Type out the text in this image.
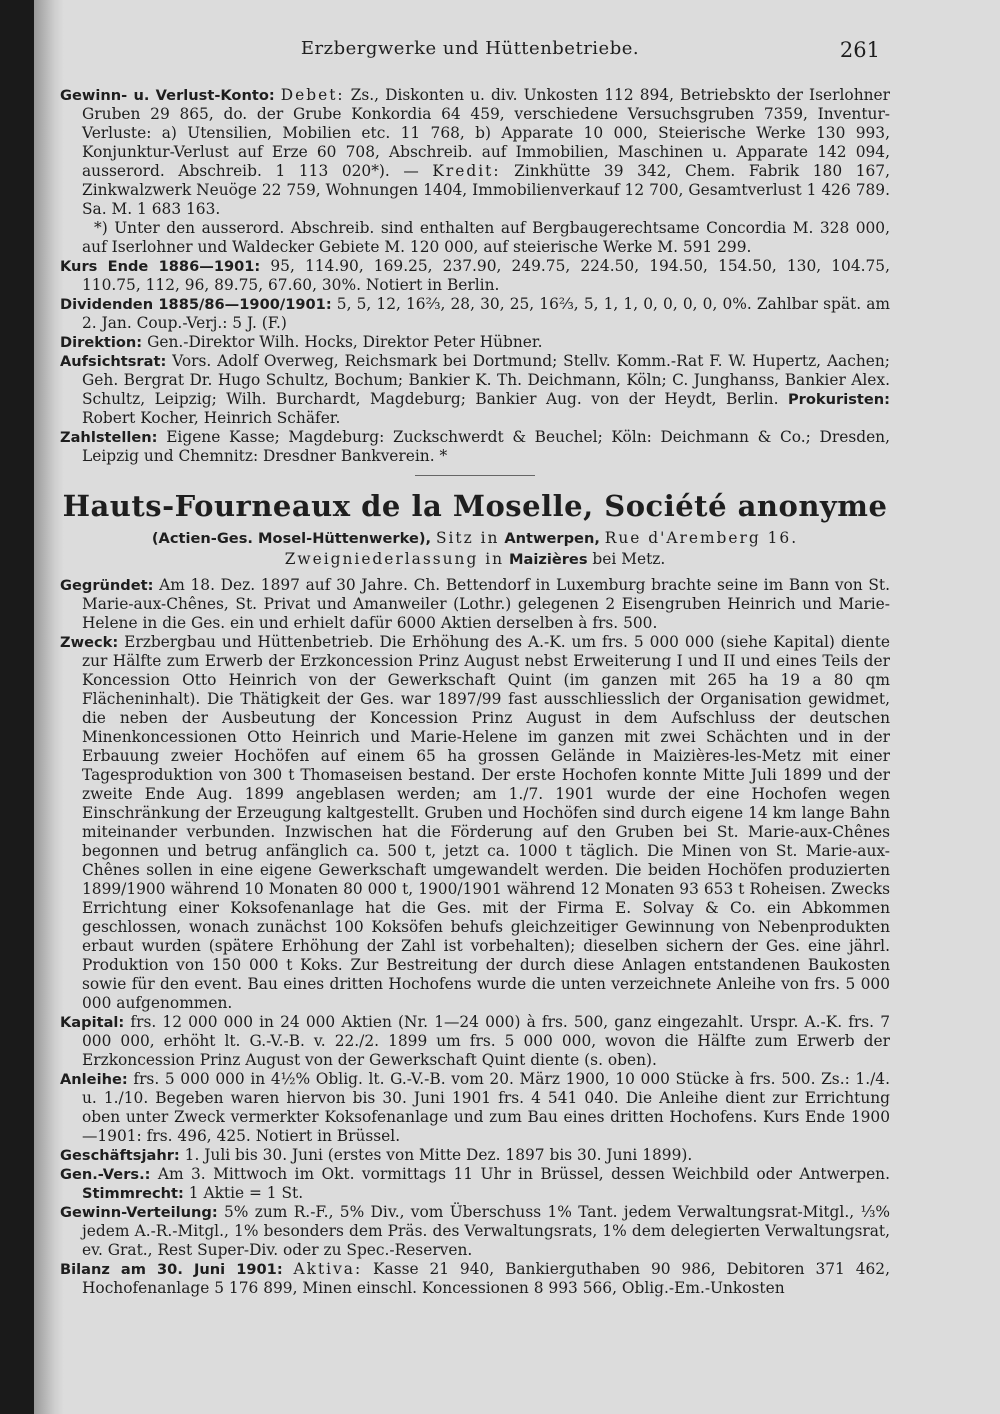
Erzbergwerke und Hüttenbetriebe.	261

Gewinn- u. Verlust-Konto: Debet: Zs., Diskonten u. div. Unkosten 112 894, Betriebskto der Iserlohner Gruben 29 865, do. der Grube Konkordia 64 459, verschiedene Versuchsgruben 7359, Inventur-Verluste: a) Utensilien, Mobilien etc. 11 768, b) Apparate 10 000, Steierische Werke 130 993, Konjunktur-Verlust auf Erze 60 708, Abschreib. auf Immobilien, Maschinen u. Apparate 142 094, ausserord. Abschreib. 1 113 020*). — Kredit: Zinkhütte 39 342, Chem. Fabrik 180 167, Zinkwalzwerk Neuöge 22 759, Wohnungen 1404, Immobilienverkauf 12 700, Gesamtverlust 1 426 789. Sa. M. 1 683 163.

*) Unter den ausserord. Abschreib. sind enthalten auf Bergbaugerechtsame Concordia M. 328 000, auf Iserlohner und Waldecker Gebiete M. 120 000, auf steierische Werke M. 591 299.

Kurs Ende 1886—1901: 95, 114.90, 169.25, 237.90, 249.75, 224.50, 194.50, 154.50, 130, 104.75, 110.75, 112, 96, 89.75, 67.60, 30%. Notiert in Berlin.

Dividenden 1885/86—1900/1901: 5, 5, 12, 16⅔, 28, 30, 25, 16⅔, 5, 1, 1, 0, 0, 0, 0, 0%. Zahlbar spät. am 2. Jan. Coup.-Verj.: 5 J. (F.)

Direktion: Gen.-Direktor Wilh. Hocks, Direktor Peter Hübner.

Aufsichtsrat: Vors. Adolf Overweg, Reichsmark bei Dortmund; Stellv. Komm.-Rat F. W. Hupertz, Aachen; Geh. Bergrat Dr. Hugo Schultz, Bochum; Bankier K. Th. Deichmann, Köln; C. Junghanss, Bankier Alex. Schultz, Leipzig; Wilh. Burchardt, Magdeburg; Bankier Aug. von der Heydt, Berlin. Prokuristen: Robert Kocher, Heinrich Schäfer.

Zahlstellen: Eigene Kasse; Magdeburg: Zuckschwerdt & Beuchel; Köln: Deichmann & Co.; Dresden, Leipzig und Chemnitz: Dresdner Bankverein. *

Hauts-Fourneaux de la Moselle, Société anonyme
(Actien-Ges. Mosel-Hüttenwerke), Sitz in Antwerpen, Rue d'Aremberg 16.
Zweigniederlassung in Maizières bei Metz.

Gegründet: Am 18. Dez. 1897 auf 30 Jahre. Ch. Bettendorf in Luxemburg brachte seine im Bann von St. Marie-aux-Chênes, St. Privat und Amanweiler (Lothr.) gelegenen 2 Eisengruben Heinrich und Marie-Helene in die Ges. ein und erhielt dafür 6000 Aktien derselben à frs. 500.

Zweck: Erzbergbau und Hüttenbetrieb. Die Erhöhung des A.-K. um frs. 5 000 000 (siehe Kapital) diente zur Hälfte zum Erwerb der Erzkoncession Prinz August nebst Erweiterung I und II und eines Teils der Koncession Otto Heinrich von der Gewerkschaft Quint (im ganzen mit 265 ha 19 a 80 qm Flächeninhalt). Die Thätigkeit der Ges. war 1897/99 fast ausschliesslich der Organisation gewidmet, die neben der Ausbeutung der Koncession Prinz August in dem Aufschluss der deutschen Minenkoncessionen Otto Heinrich und Marie-Helene im ganzen mit zwei Schächten und in der Erbauung zweier Hochöfen auf einem 65 ha grossen Gelände in Maizières-les-Metz mit einer Tagesproduktion von 300 t Thomaseisen bestand. Der erste Hochofen konnte Mitte Juli 1899 und der zweite Ende Aug. 1899 angeblasen werden; am 1./7. 1901 wurde der eine Hochofen wegen Einschränkung der Erzeugung kaltgestellt. Gruben und Hochöfen sind durch eigene 14 km lange Bahn miteinander verbunden. Inzwischen hat die Förderung auf den Gruben bei St. Marie-aux-Chênes begonnen und betrug anfänglich ca. 500 t, jetzt ca. 1000 t täglich. Die Minen von St. Marie-aux-Chênes sollen in eine eigene Gewerkschaft umgewandelt werden. Die beiden Hochöfen produzierten 1899/1900 während 10 Monaten 80 000 t, 1900/1901 während 12 Monaten 93 653 t Roheisen. Zwecks Errichtung einer Koksofenanlage hat die Ges. mit der Firma E. Solvay & Co. ein Abkommen geschlossen, wonach zunächst 100 Koksöfen behufs gleichzeitiger Gewinnung von Nebenprodukten erbaut wurden (spätere Erhöhung der Zahl ist vorbehalten); dieselben sichern der Ges. eine jährl. Produktion von 150 000 t Koks. Zur Bestreitung der durch diese Anlagen entstandenen Baukosten sowie für den event. Bau eines dritten Hochofens wurde die unten verzeichnete Anleihe von frs. 5 000 000 aufgenommen.

Kapital: frs. 12 000 000 in 24 000 Aktien (Nr. 1—24 000) à frs. 500, ganz eingezahlt. Urspr. A.-K. frs. 7 000 000, erhöht lt. G.-V.-B. v. 22./2. 1899 um frs. 5 000 000, wovon die Hälfte zum Erwerb der Erzkoncession Prinz August von der Gewerkschaft Quint diente (s. oben).

Anleihe: frs. 5 000 000 in 4½% Oblig. lt. G.-V.-B. vom 20. März 1900, 10 000 Stücke à frs. 500. Zs.: 1./4. u. 1./10. Begeben waren hiervon bis 30. Juni 1901 frs. 4 541 040. Die Anleihe dient zur Errichtung oben unter Zweck vermerkter Koksofenanlage und zum Bau eines dritten Hochofens. Kurs Ende 1900—1901: frs. 496, 425. Notiert in Brüssel.

Geschäftsjahr: 1. Juli bis 30. Juni (erstes von Mitte Dez. 1897 bis 30. Juni 1899).

Gen.-Vers.: Am 3. Mittwoch im Okt. vormittags 11 Uhr in Brüssel, dessen Weichbild oder Antwerpen. Stimmrecht: 1 Aktie = 1 St.

Gewinn-Verteilung: 5% zum R.-F., 5% Div., vom Überschuss 1% Tant. jedem Verwaltungsrat-Mitgl., ⅓% jedem A.-R.-Mitgl., 1% besonders dem Präs. des Verwaltungsrats, 1% dem delegierten Verwaltungsrat, ev. Grat., Rest Super-Div. oder zu Spec.-Reserven.

Bilanz am 30. Juni 1901: Aktiva: Kasse 21 940, Bankierguthaben 90 986, Debitoren 371 462, Hochofenanlage 5 176 899, Minen einschl. Koncessionen 8 993 566, Oblig.-Em.-Unkosten
